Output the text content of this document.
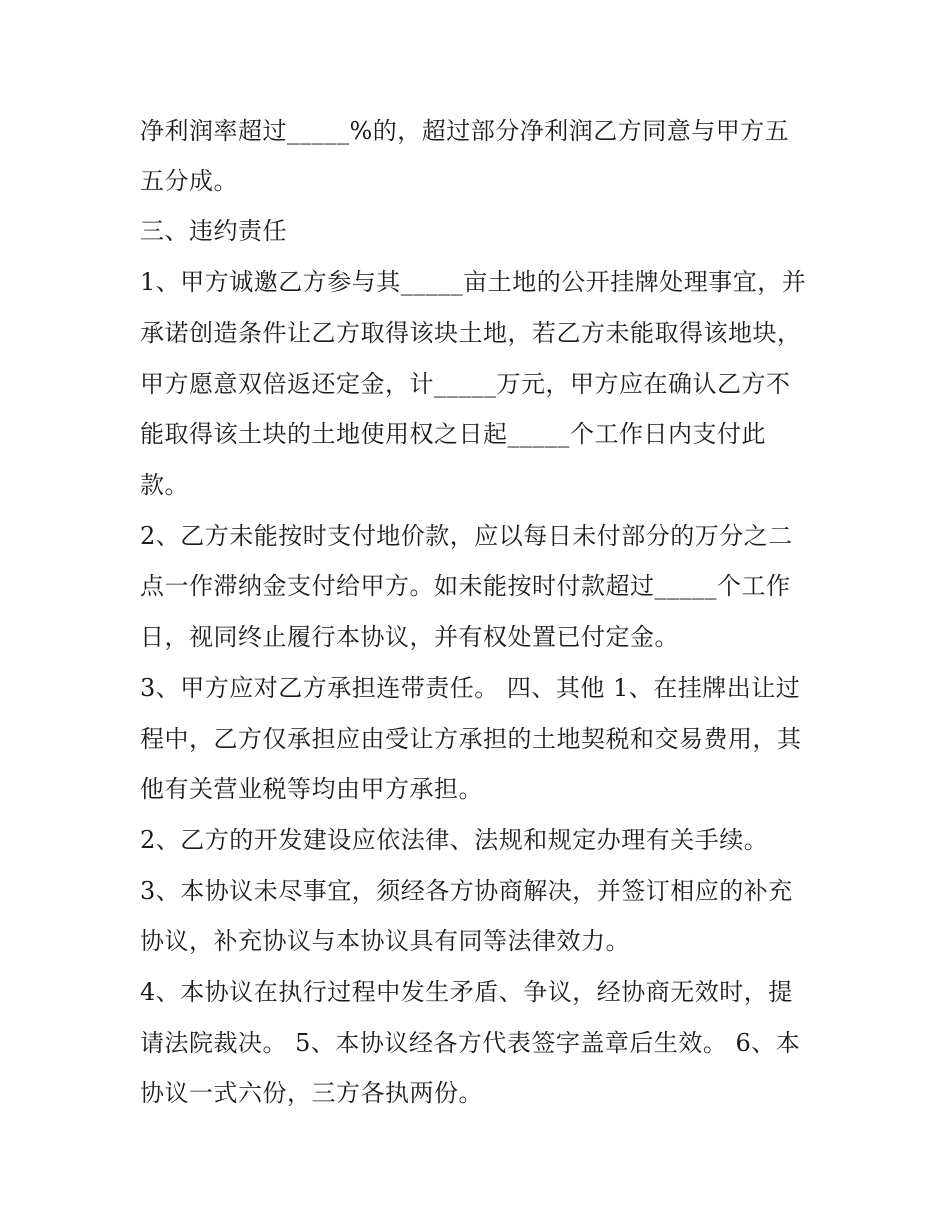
净利润率超过_____%的，超过部分净利润乙方同意与甲方五
五分成。
三、违约责任
1、甲方诚邀乙方参与其_____亩土地的公开挂牌处理事宜，并
承诺创造条件让乙方取得该块土地，若乙方未能取得该地块，
甲方愿意双倍返还定金，计_____万元，甲方应在确认乙方不
能取得该土块的土地使用权之日起_____个工作日内支付此
款。
2、乙方未能按时支付地价款，应以每日未付部分的万分之二
点一作滞纳金支付给甲方。如未能按时付款超过_____个工作
日，视同终止履行本协议，并有权处置已付定金。
3、甲方应对乙方承担连带责任。 四、其他 1、在挂牌出让过
程中，乙方仅承担应由受让方承担的土地契税和交易费用，其
他有关营业税等均由甲方承担。
2、乙方的开发建设应依法律、法规和规定办理有关手续。
3、本协议未尽事宜，须经各方协商解决，并签订相应的补充
协议，补充协议与本协议具有同等法律效力。
4、本协议在执行过程中发生矛盾、争议，经协商无效时，提
请法院裁决。 5、本协议经各方代表签字盖章后生效。 6、本
协议一式六份，三方各执两份。
